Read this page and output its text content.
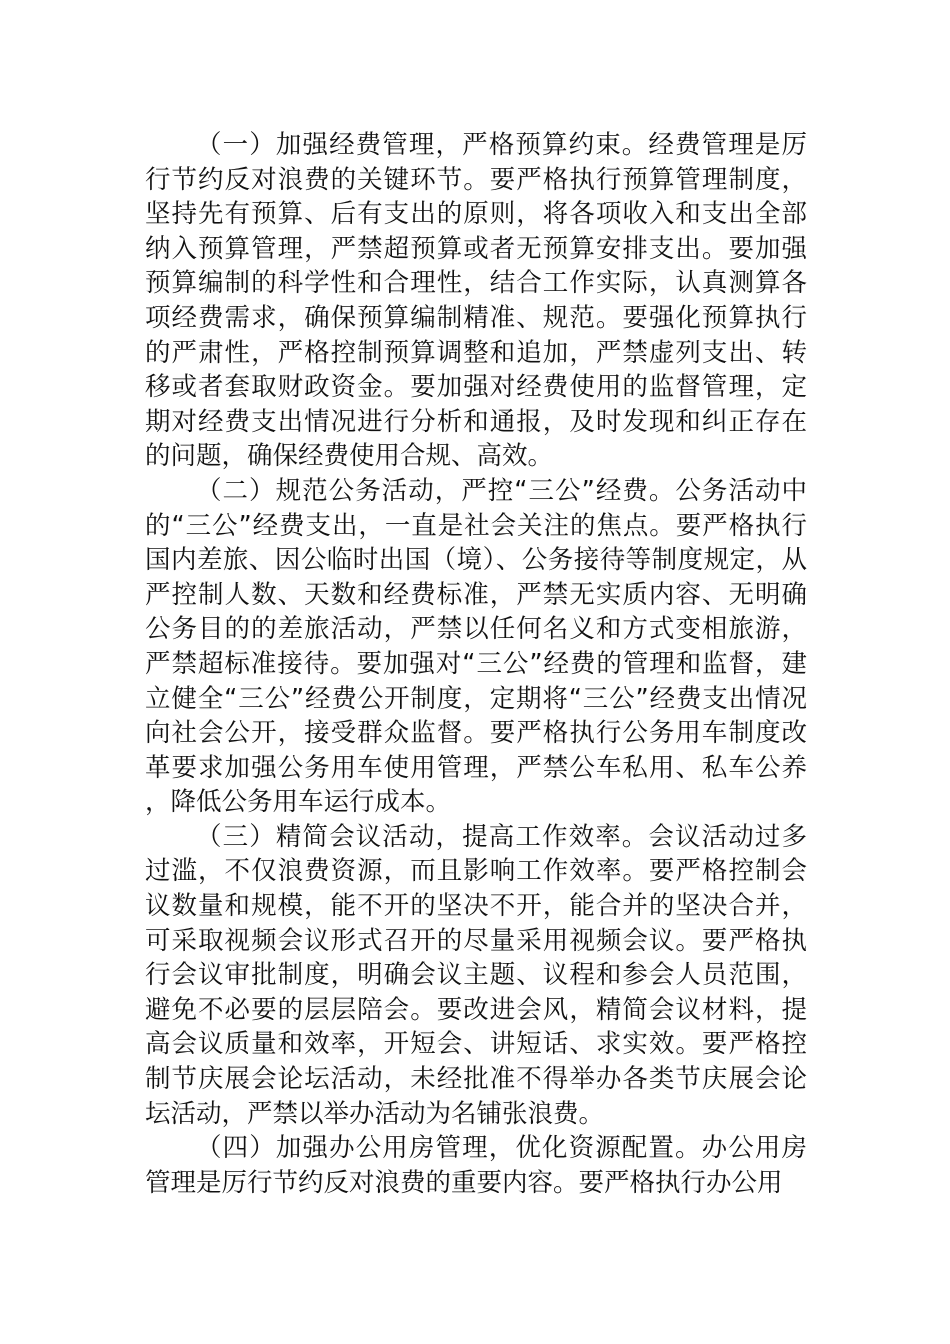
（一）加强经费管理，严格预算约束。经费管理是厉行节约反对浪费的关键环节。要严格执行预算管理制度，坚持先有预算、后有支出的原则，将各项收入和支出全部纳入预算管理，严禁超预算或者无预算安排支出。要加强预算编制的科学性和合理性，结合工作实际，认真测算各项经费需求，确保预算编制精准、规范。要强化预算执行的严肃性，严格控制预算调整和追加，严禁虚列支出、转移或者套取财政资金。要加强对经费使用的监督管理，定期对经费支出情况进行分析和通报，及时发现和纠正存在的问题，确保经费使用合规、高效。

（二）规范公务活动，严控“三公”经费。公务活动中的“三公”经费支出，一直是社会关注的焦点。要严格执行国内差旅、因公临时出国（境）、公务接待等制度规定，从严控制人数、天数和经费标准，严禁无实质内容、无明确公务目的的差旅活动，严禁以任何名义和方式变相旅游，严禁超标准接待。要加强对“三公”经费的管理和监督，建立健全“三公”经费公开制度，定期将“三公”经费支出情况向社会公开，接受群众监督。要严格执行公务用车制度改革要求加强公务用车使用管理，严禁公车私用、私车公养，降低公务用车运行成本。

（三）精简会议活动，提高工作效率。会议活动过多过滥，不仅浪费资源，而且影响工作效率。要严格控制会议数量和规模，能不开的坚决不开，能合并的坚决合并，可采取视频会议形式召开的尽量采用视频会议。要严格执行会议审批制度，明确会议主题、议程和参会人员范围，避免不必要的层层陪会。要改进会风，精简会议材料，提高会议质量和效率，开短会、讲短话、求实效。要严格控制节庆展会论坛活动，未经批准不得举办各类节庆展会论坛活动，严禁以举办活动为名铺张浪费。

（四）加强办公用房管理，优化资源配置。办公用房管理是厉行节约反对浪费的重要内容。要严格执行办公用
